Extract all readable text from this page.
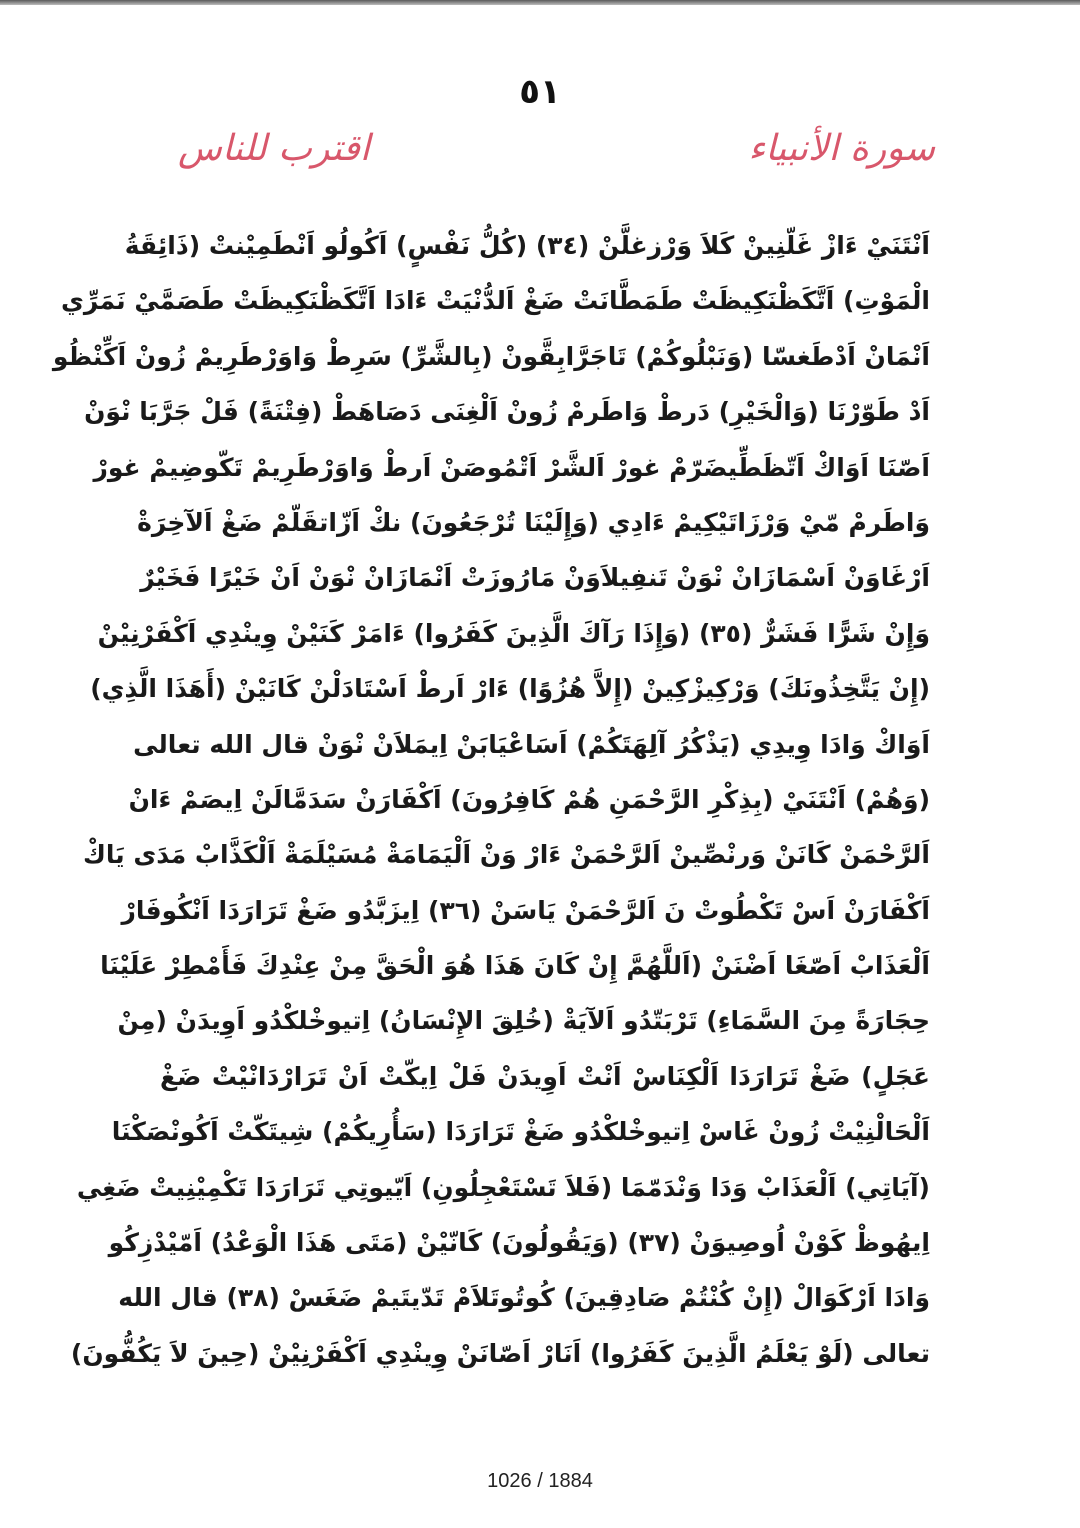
٥١
سورة الأنبياء
اقترب للناس
اَنْتَنَيْ ءَازْ غَلّنِينْ كَلاَ وَرْزغلَّنْ (٣٤) (كُلُّ نَفْسٍ) اَكُولُو اَنْطَمِيْنتْ (ذَائِقَةُ
الْمَوْتِ) اَتَّكَظْنَكِيظَتْ طَمَطَّانَتْ ضَغْ اَلدُّنْيَتْ ءَادَا اَتَّكَظْنَكِيظَتْ طَصَمَّيْ نَمَرِّي
اَنْمَانْ اَدْطَغسّا (وَنَبْلُوكُمْ) تَاجَرَّابِقَّونْ (بِالشَّرِّ) سَرِطْ وَاوَرْطَرِيمْ زُونْ اَكِّنْظُو
اَدْ طَوّرْنَا (وَالْخَيْرِ) دَرطْ وَاطَرمْ زُونْ اَلْغِنَى دَصَاهَطْ (فِتْنَةً) فَلْ جَرَّبَا نْوَنْ
اَصّنَا اَوَاكْ اَتّظَطِّيضَرّمْ غورْ اَلشَّرْ اَتْمُوصَنْ اَرطْ وَاوَرْطَرِيمْ تَكّوضِيمْ غورْ
وَاطَرمْ مّيْ وَرْزَاتَيْكِيمْ ءَادِي (وَإِلَيْنَا تُرْجَعُونَ) نكْ اَزّاتقَلّمْ ضَغْ اَلآخِرَةْ
اَرْغَاوَنْ اَسْمَازَانْ نْوَنْ تَنفِيلاَوَنْ مَارُوزَتْ اَنْمَازَانْ نْوَنْ اَنْ خَيْرًا فَخَيْرٌ
وَإِنْ شَرًّا فَشَرٌّ (٣٥) (وَإِذَا رَآكَ الَّذِينَ كَفَرُوا) ءَامَرْ كَنَيْنْ وِينْدِي اَكْفَرْنِيْنْ
(إِنْ يَتَّخِذُونَكَ) وَرْكِيزْكِينْ (إِلاَّ هُزُوًا) ءَارْ اَرطْ اَسْتَادَلْنْ كَانَيْنْ (أَهَذَا الَّذِي)
اَوَاكْ وَادَا وِيدِي (يَذْكُرُ آلِهَتَكُمْ) اَسَاعْيَابَنْ اِيمَلاَنْ نْوَنْ قال الله تعالى
(وَهُمْ) اَنْتَنَيْ (بِذِكْرِ الرَّحْمَنِ هُمْ كَافِرُونَ) اَكْفَارَنْ سَدَمَّالَنْ اِيصَمْ ءَانْ
اَلرَّحْمَنْ كَانَنْ وَرنْصِّينْ اَلرَّحْمَنْ ءَارْ وَنْ اَلْيَمَامَةْ مُسَيْلَمَةْ اَلْكَذَّابْ مَدَى يَاكْ
اَكْفَارَنْ اَسْ تَكْطُوتْ نَ اَلرَّحْمَنْ يَاسَنْ (٣٦) اِيزَبَّدُو ضَغْ تَرَارَدَا اَنْكُوفَارْ
اَلْعَذَابْ اَصّغَا اَضْنَنْ (اَللَّهُمَّ إِنْ كَانَ هَذَا هُوَ الْحَقَّ مِنْ عِنْدِكَ فَأَمْطِرْ عَلَيْنَا
حِجَارَةً مِنَ السَّمَاءِ) تَرْبَتّدُو اَلآيَةْ (خُلِقَ الإِنْسَانُ) اِتيوخْلكْدُو اَوِيدَنْ (مِنْ
عَجَلٍ) ضَغْ تَرَارَدَا اَلْكِنَاسْ اَنْتْ اَوِيدَنْ فَلْ اِيكّتْ اَنْ تَرَارْدَانْيْتْ ضَغْ
اَلْحَالْنِيْتْ زُونْ غَاسْ اِتيوخْلكْدُو ضَغْ تَرَارَدَا (سَأُرِيكُمْ) شِيتَكّتْ اَكُونْصَكْنَا
(آيَاتِي) اَلْعَذَابْ وَدَا وَنْدَمّمَا (فَلاَ تَسْتَعْجِلُونِ) اَيّيوتِي تَرَارَدَا تَكْمِيْنِيتْ ضَغِي
اِيهُوظْ كَوْنْ اُوصِيوَنْ (٣٧) (وَيَقُولُونَ) كَانّيْنْ (مَتَى هَذَا الْوَعْدُ) اَمّيْدْزِكُو
وَادَا اَرْكَوَالْ (إِنْ كُنْتُمْ صَادِقِينَ) كُوتُوتَلاَمْ تَدّيتَيمْ ضَغَسْ (٣٨) قال الله
تعالى (لَوْ يَعْلَمُ الَّذِينَ كَفَرُوا) اَنَارْ اَصّانَنْ وِينْدِي اَكْفَرْنِيْنْ (حِينَ لاَ يَكُفُّونَ)
1026 / 1884
